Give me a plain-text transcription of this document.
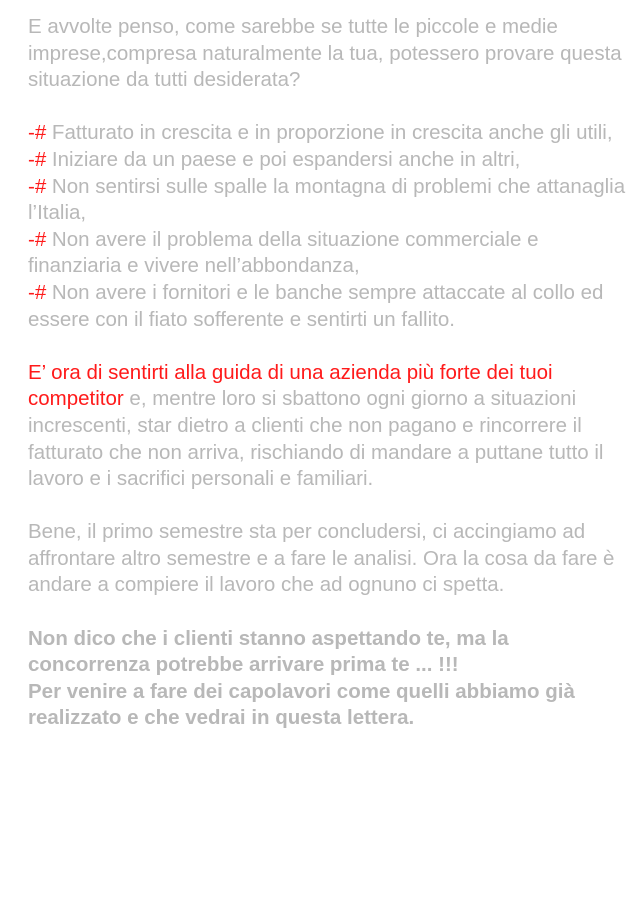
E avvolte penso, come sarebbe se tutte le piccole e medie imprese,compresa naturalmente la tua, potessero provare questa situazione da tutti desiderata?

-# Fatturato in crescita e in proporzione in crescita anche gli utili,

-# Iniziare da un paese e poi espandersi anche in altri,

-# Non sentirsi sulle spalle la montagna di problemi che attanaglia l’Italia,

-# Non avere il problema della situazione commerciale e finanziaria e vivere nell’abbondanza,

-# Non avere i fornitori e le banche sempre attaccate al collo ed essere con il fiato sofferente e sentirti un fallito.

E’ ora di sentirti alla guida di una azienda più forte dei tuoi competitor e, mentre loro si sbattono ogni giorno a situazioni increscenti, star dietro a clienti che non pagano e rincorrere il fatturato che non arriva, rischiando di mandare a puttane tutto il lavoro e i sacrifici personali e familiari.

Bene, il primo semestre sta per concludersi, ci accingiamo ad affrontare altro semestre e a fare le analisi. Ora la cosa da fare è andare a compiere il lavoro che ad ognuno ci spetta.

Non dico che i clienti stanno aspettando te, ma la concorrenza potrebbe arrivare prima te ... !!!

Per venire a fare dei capolavori come quelli abbiamo già realizzato e che vedrai in questa lettera.
